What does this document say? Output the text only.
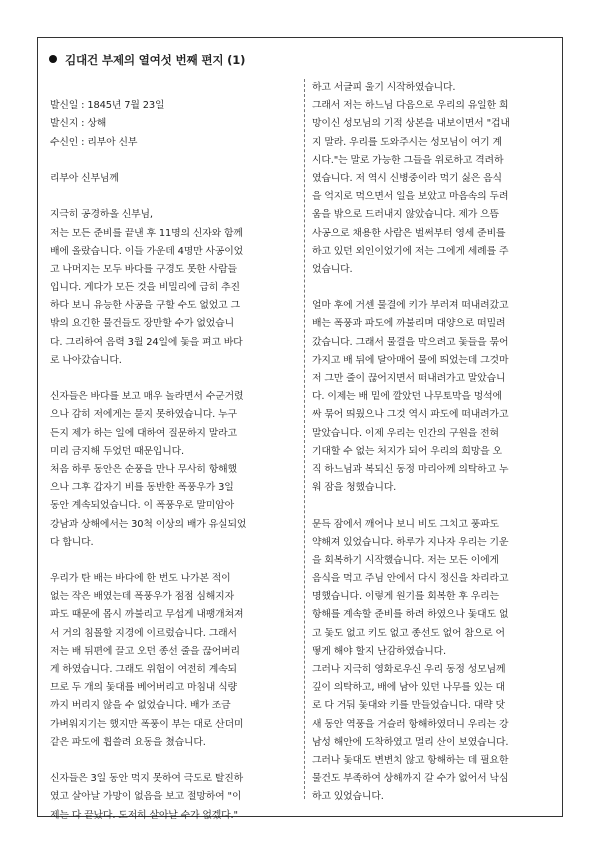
김대건 부제의 열여섯 번째 편지 (1)
발신일 : 1845년 7월 23일
발신지 : 상해
수신인 : 리부아 신부
리부아 신부님께
지극히 공경하올 신부님,
저는 모든 준비를 끝낸 후 11명의 신자와 함께
배에 올랐습니다. 이들 가운데 4명만 사공이었
고 나머지는 모두 바다를 구경도 못한 사람들
입니다. 게다가 모든 것을 비밀리에 급히 추진
하다 보니 유능한 사공을 구할 수도 없었고 그
밖의 요긴한 물건들도 장만할 수가 없었습니
다. 그리하여 음력 3월 24일에 돛을 펴고 바다
로 나아갔습니다.
신자들은 바다를 보고 매우 놀라면서 수군거렸
으나 감히 저에게는 묻지 못하였습니다. 누구
든지 제가 하는 일에 대하여 질문하지 말라고
미리 금지해 두었던 때문입니다.
처음 하루 동안은 순풍을 만나 무사히 항해했
으나 그후 갑자기 비를 동반한 폭풍우가 3일
동안 계속되었습니다. 이 폭풍우로 말미암아
강남과 상해에서는 30척 이상의 배가 유실되었
다 합니다.
우리가 탄 배는 바다에 한 번도 나가본 적이
없는 작은 배였는데 폭풍우가 점점 심해지자
파도 때문에 몹시 까불리고 무섭게 내팽개쳐져
서 거의 침몰할 지경에 이르렀습니다. 그래서
저는 배 뒤편에 끌고 오던 종선 줄을 끊어버리
게 하였습니다. 그래도 위험이 여전히 계속되
므로 두 개의 돛대를 베어버리고 마침내 식량
까지 버리지 않을 수 없었습니다. 배가 조금
가벼워지기는 했지만 폭풍이 부는 대로 산더미
같은 파도에 휩쓸려 요동을 쳤습니다.
신자들은 3일 동안 먹지 못하여 극도로 탈진하
였고 살아날 가망이 없음을 보고 절망하여 "이
제는 다 끝났다. 도저히 살아날 수가 없겠다."
하고 서글피 울기 시작하였습니다.
그래서 저는 하느님 다음으로 우리의 유일한 희
망이신 성모님의 기적 상본을 내보이면서 "겁내
지 말라. 우리를 도와주시는 성모님이 여기 계
시다."는 말로 가능한 그들을 위로하고 격려하
였습니다. 저 역시 신병중이라 먹기 싫은 음식
을 억지로 먹으면서 일을 보았고 마음속의 두려
움을 밖으로 드러내지 않았습니다. 제가 으뜸
사공으로 채용한 사람은 벌써부터 영세 준비를
하고 있던 외인이었기에 저는 그에게 세례를 주
었습니다.
얼마 후에 거센 물결에 키가 부러져 떠내려갔고
배는 폭풍과 파도에 까불리며 대양으로 떠밀려
갔습니다. 그래서 물결을 막으려고 돛들을 묶어
가지고 배 뒤에 달아매어 물에 띄었는데 그것마
저 그만 줄이 끊어지면서 떠내려가고 말았습니
다. 이제는 배 밑에 깔았던 나무토막을 멍석에
싸 묶어 띄웠으나 그것 역시 파도에 떠내려가고
말았습니다. 이제 우리는 인간의 구원을 전혀
기대할 수 없는 처지가 되어 우리의 희망을 오
직 하느님과 복되신 동정 마리아께 의탁하고 누
워 잠을 청했습니다.
문득 잠에서 깨어나 보니 비도 그치고 풍파도
약해져 있었습니다. 하루가 지나자 우리는 기운
을 회복하기 시작했습니다. 저는 모든 이에게
음식을 먹고 주님 안에서 다시 정신을 차리라고
명했습니다. 이렇게 원기를 회복한 후 우리는
항해를 계속할 준비를 하려 하였으나 돛대도 없
고 돛도 없고 키도 없고 종선도 없어 참으로 어
떻게 해야 할지 난감하였습니다.
그러나 지극히 영화로우신 우리 동정 성모님께
깊이 의탁하고, 배에 남아 있던 나무를 있는 대
로 다 거둬 돛대와 키를 만들었습니다. 대략 닷
새 동안 역풍을 거슬러 항해하였더니 우리는 강
남성 해안에 도착하였고 멀리 산이 보였습니다.
그러나 돛대도 변변치 않고 항해하는 데 필요한
물건도 부족하여 상해까지 갈 수가 없어서 낙심
하고 있었습니다.
